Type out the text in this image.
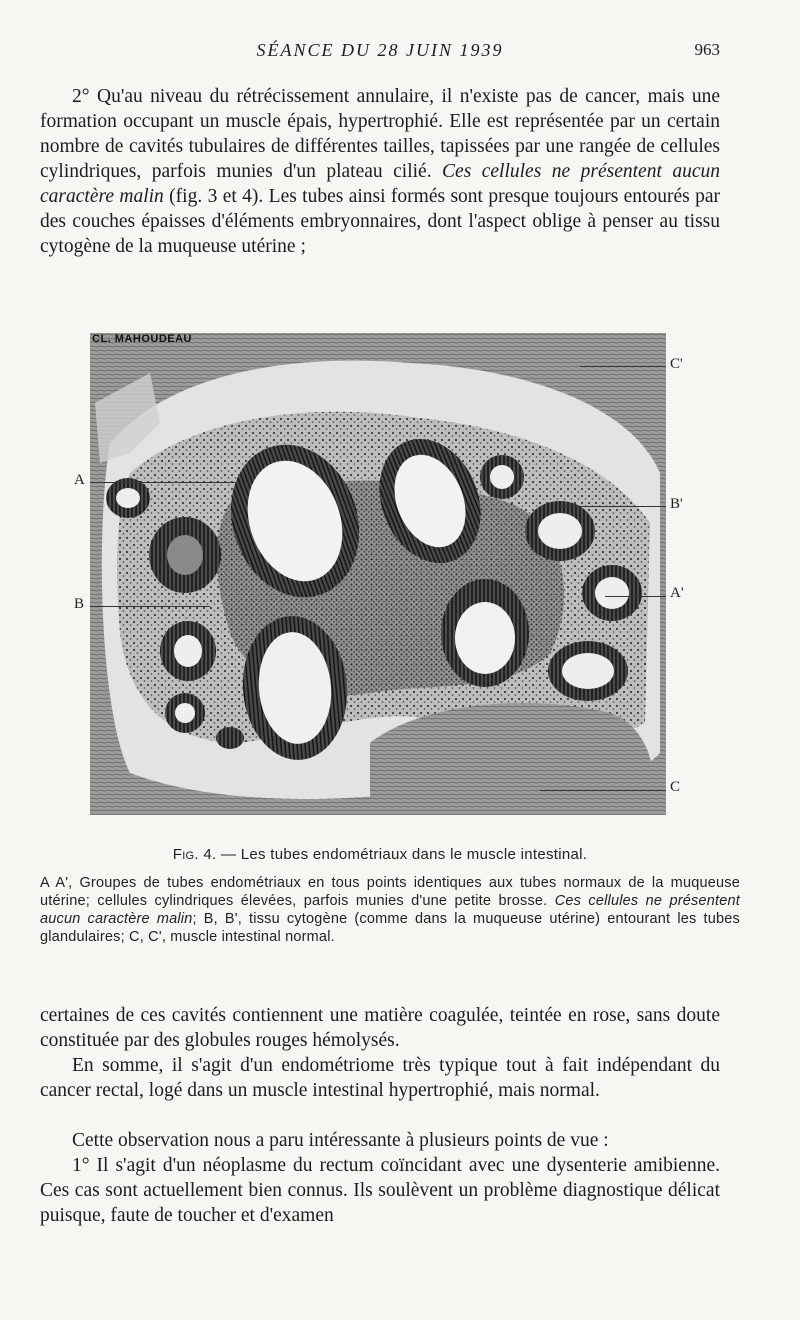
SÉANCE DU 28 JUIN 1939	963

2° Qu'au niveau du rétrécissement annulaire, il n'existe pas de cancer, mais une formation occupant un muscle épais, hypertrophié. Elle est représentée par un certain nombre de cavités tubulaires de différentes tailles, tapissées par une rangée de cellules cylindriques, parfois munies d'un plateau cilié. Ces cellules ne présentent aucun caractère malin (fig. 3 et 4). Les tubes ainsi formés sont presque toujours entourés par des couches épaisses d'éléments embryonnaires, dont l'aspect oblige à penser au tissu cytogène de la muqueuse utérine ;

CL. MAHOUDEAU
A
B
C'
B'
A'
C
Fig. 4. — Les tubes endométriaux dans le muscle intestinal.
A A', Groupes de tubes endométriaux en tous points identiques aux tubes normaux de la muqueuse utérine; cellules cylindriques élevées, parfois munies d'une petite brosse. Ces cellules ne présentent aucun caractère malin; B, B', tissu cytogène (comme dans la muqueuse utérine) entourant les tubes glandulaires; C, C', muscle intestinal normal.

certaines de ces cavités contiennent une matière coagulée, teintée en rose, sans doute constituée par des globules rouges hémolysés.

En somme, il s'agit d'un endométriome très typique tout à fait indépendant du cancer rectal, logé dans un muscle intestinal hypertrophié, mais normal.

Cette observation nous a paru intéressante à plusieurs points de vue :

1° Il s'agit d'un néoplasme du rectum coïncidant avec une dysenterie amibienne. Ces cas sont actuellement bien connus. Ils soulèvent un problème diagnostique délicat puisque, faute de toucher et d'examen
